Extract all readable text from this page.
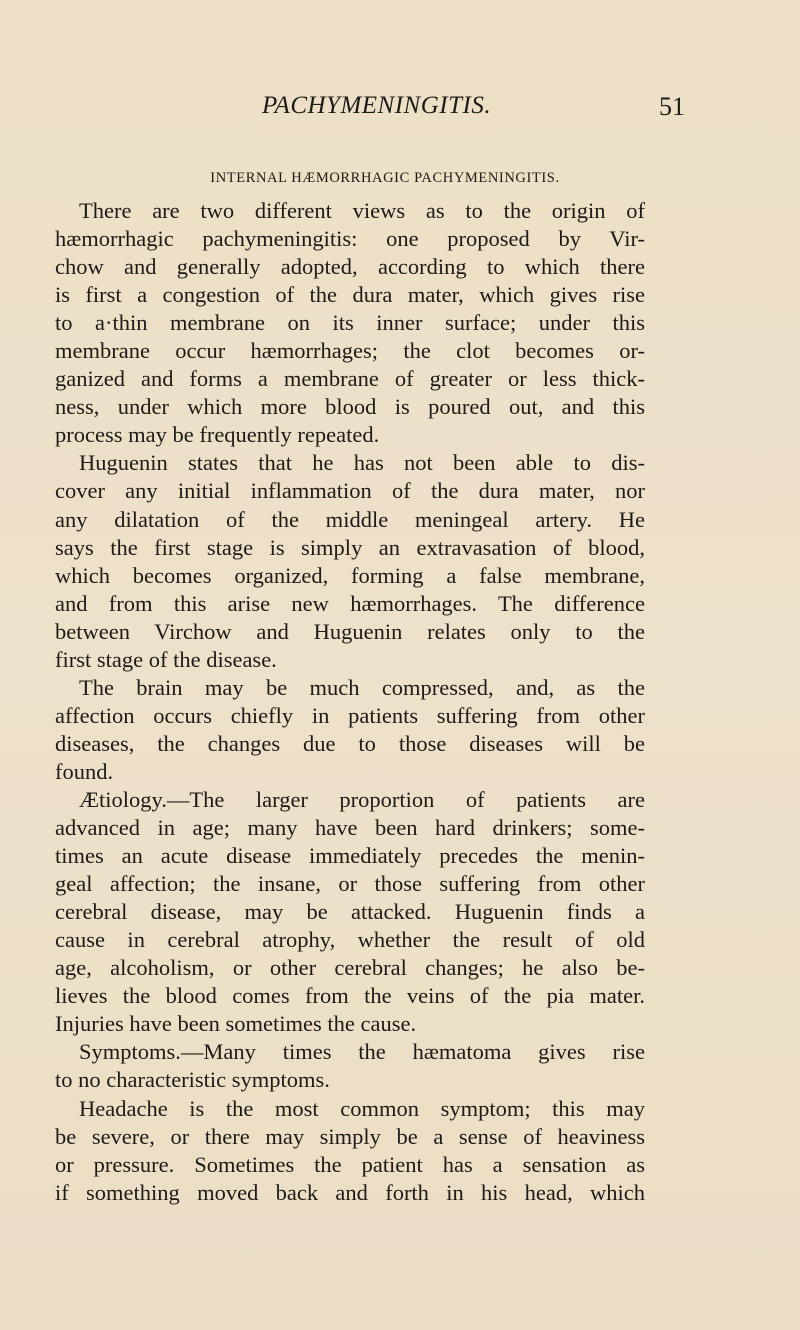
PACHYMENINGITIS.	51
INTERNAL HÆMORRHAGIC PACHYMENINGITIS.
There are two different views as to the origin of
hæmorrhagic pachymeningitis: one proposed by Vir-
chow and generally adopted, according to which there
is first a congestion of the dura mater, which gives rise
to a·thin membrane on its inner surface; under this
membrane occur hæmorrhages; the clot becomes or-
ganized and forms a membrane of greater or less thick-
ness, under which more blood is poured out, and this
process may be frequently repeated.
Huguenin states that he has not been able to dis-
cover any initial inflammation of the dura mater, nor
any dilatation of the middle meningeal artery. He
says the first stage is simply an extravasation of blood,
which becomes organized, forming a false membrane,
and from this arise new hæmorrhages. The difference
between Virchow and Huguenin relates only to the
first stage of the disease.
The brain may be much compressed, and, as the
affection occurs chiefly in patients suffering from other
diseases, the changes due to those diseases will be
found.
Ætiology.—The larger proportion of patients are
advanced in age; many have been hard drinkers; some-
times an acute disease immediately precedes the menin-
geal affection; the insane, or those suffering from other
cerebral disease, may be attacked. Huguenin finds a
cause in cerebral atrophy, whether the result of old
age, alcoholism, or other cerebral changes; he also be-
lieves the blood comes from the veins of the pia mater.
Injuries have been sometimes the cause.
Symptoms.—Many times the hæmatoma gives rise
to no characteristic symptoms.
Headache is the most common symptom; this may
be severe, or there may simply be a sense of heaviness
or pressure. Sometimes the patient has a sensation as
if something moved back and forth in his head, which
